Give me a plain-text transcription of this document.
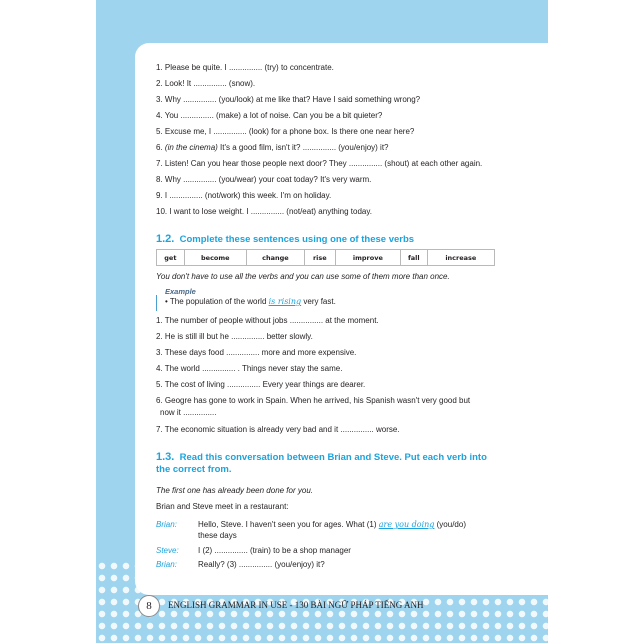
1. Please be quite. I ............... (try) to concentrate.
2. Look! It ............... (snow).
3. Why ............... (you/look) at me like that? Have I said something wrong?
4. You ............... (make) a lot of noise. Can you be a bit quieter?
5. Excuse me, I ............... (look) for a phone box. Is there one near here?
6. (in the cinema) It's a good film, isn't it? ............... (you/enjoy) it?
7. Listen! Can you hear those people next door? They ............... (shout) at each other again.
8. Why ............... (you/wear) your coat today? It's very warm.
9. I ............... (not/work) this week. I'm on holiday.
10. I want to lose weight. I ............... (not/eat) anything today.
1.2. Complete these sentences using one of these verbs
get	become	change	rise	improve	fall	increase
You don't have to use all the verbs and you can use some of them more than once.
Example
• The population of the world is rising very fast.
1. The number of people without jobs ............... at the moment.
2. He is still ill but he ............... better slowly.
3. These days food ............... more and more expensive.
4. The world ............... . Things never stay the same.
5. The cost of living ............... Every year things are dearer.
6. Geogre has gone to work in Spain. When he arrived, his Spanish wasn't very good but
now it ...............
7. The economic situation is already very bad and it ............... worse.
1.3. Read this conversation between Brian and Steve. Put each verb into
the correct from.
The first one has already been done for you.
Brian and Steve meet in a restaurant:
Brian:	Hello, Steve. I haven't seen you for ages. What (1) are you doing (you/do)
these days
Steve: I (2) ............... (train) to be a shop manager
Brian:	Really? (3) ............... (you/enjoy) it?
8	ENGLISH GRAMMAR IN USE - 130 BÀI NGỮ PHÁP TIẾNG ANH
